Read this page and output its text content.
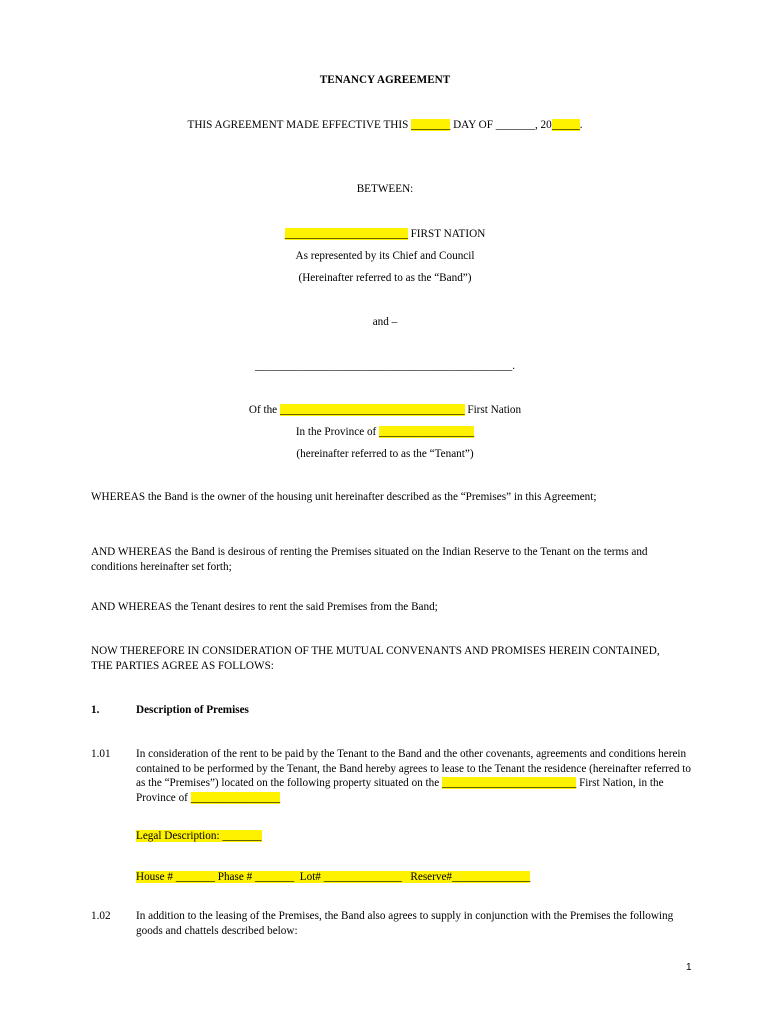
TENANCY AGREEMENT
THIS AGREEMENT MADE EFFECTIVE THIS _______ DAY OF _______, 20_____.
BETWEEN:
______________________ FIRST NATION
As represented by its Chief and Council
(Hereinafter referred to as the “Band”)
and –
______________________________________________.
Of the _________________________________ First Nation
In the Province of _________________
(hereinafter referred to as the “Tenant”)
WHEREAS the Band is the owner of the housing unit hereinafter described as the “Premises” in this Agreement;
AND WHEREAS the Band is desirous of renting the Premises situated on the Indian Reserve to the Tenant on the terms and conditions hereinafter set forth;
AND WHEREAS the Tenant desires to rent the said Premises from the Band;
NOW THEREFORE IN CONSIDERATION OF THE MUTUAL CONVENANTS AND PROMISES HEREIN CONTAINED, THE PARTIES AGREE AS FOLLOWS:
1.	Description of Premises
1.01 In consideration of the rent to be paid by the Tenant to the Band and the other covenants, agreements and conditions herein contained to be performed by the Tenant, the Band hereby agrees to lease to the Tenant the residence (hereinafter referred to as the “Premises”) located on the following property situated on the ________________________ First Nation, in the Province of ________________
Legal Description: _______
House # _______ Phase # _______  Lot# ______________   Reserve#______________
1.02 In addition to the leasing of the Premises, the Band also agrees to supply in conjunction with the Premises the following goods and chattels described below:
1
